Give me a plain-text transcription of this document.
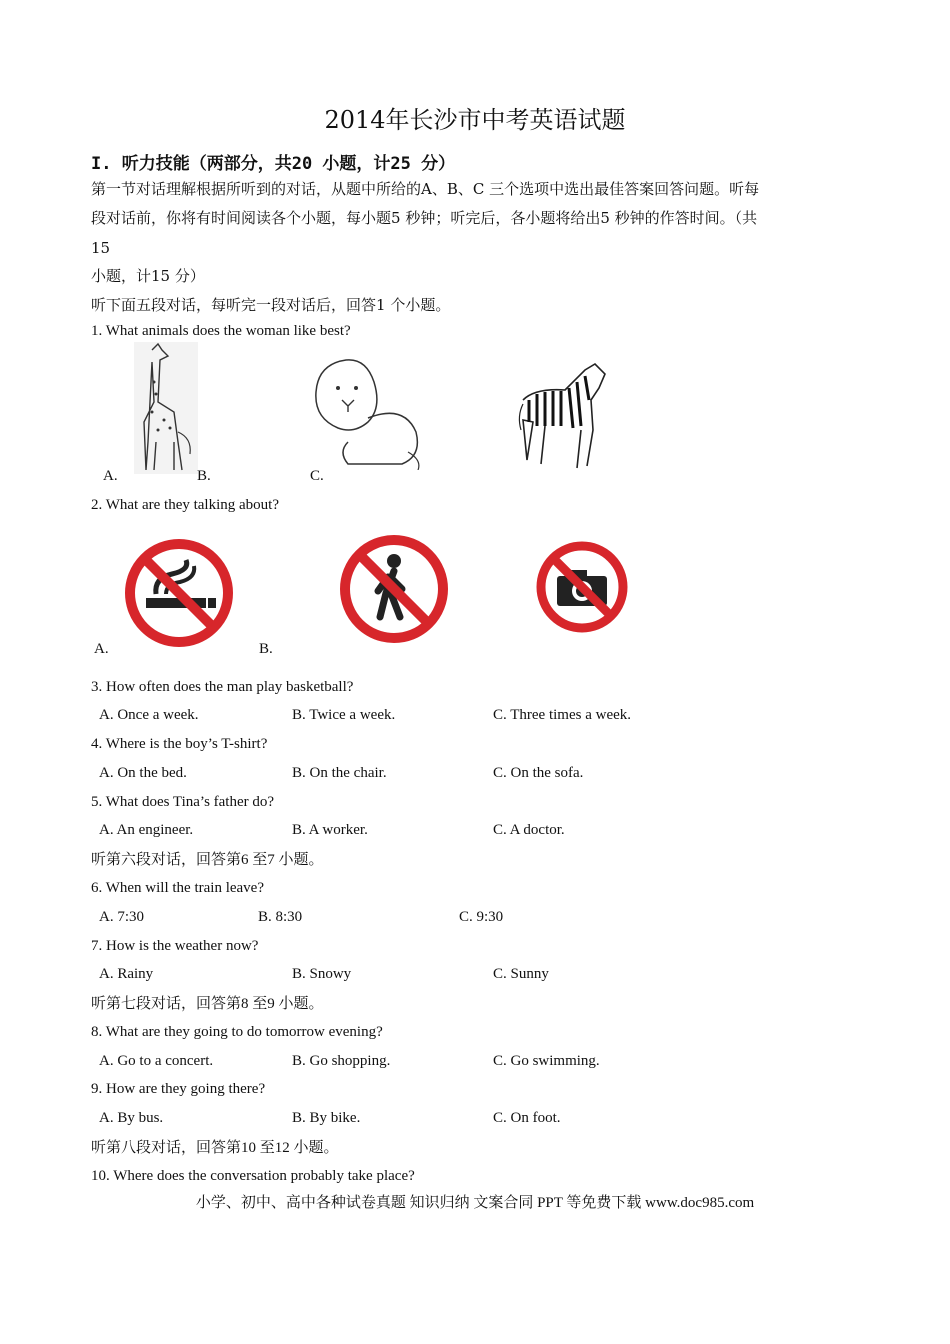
2014年长沙市中考英语试题
I. 听力技能（两部分，共20 小题，计25 分）
第一节对话理解根据所听到的对话，从题中所给的A、B、C 三个选项中选出最佳答案回答问题。听每
段对话前，你将有时间阅读各个小题，每小题5 秒钟；听完后，各小题将给出5 秒钟的作答时间。（共
15
小题，计15 分）
听下面五段对话，每听完一段对话后，回答1 个小题。
1. What animals does the woman like best?
A.	B.	C.
2. What are they talking about?
A.	B.
3. How often does the man play basketball?
A. Once a week.	B. Twice a week.	C. Three times a week.
4. Where is the boy’s T-shirt?
A. On the bed.	B. On the chair.	C. On the sofa.
5. What does Tina’s father do?
A. An engineer.	B. A worker.	C. A doctor.
听第六段对话，回答第6 至7 小题。
6. When will the train leave?
A. 7:30	B. 8:30	C. 9:30
7. How is the weather now?
A. Rainy	B. Snowy	C. Sunny
听第七段对话，回答第8 至9 小题。
8. What are they going to do tomorrow evening?
A. Go to a concert.	B. Go shopping.	C. Go swimming.
9. How are they going there?
A. By bus.	B. By bike.	C. On foot.
听第八段对话，回答第10 至12 小题。
10. Where does the conversation probably take place?
小学、初中、高中各种试卷真题 知识归纳 文案合同 PPT 等免费下载 www.doc985.com
